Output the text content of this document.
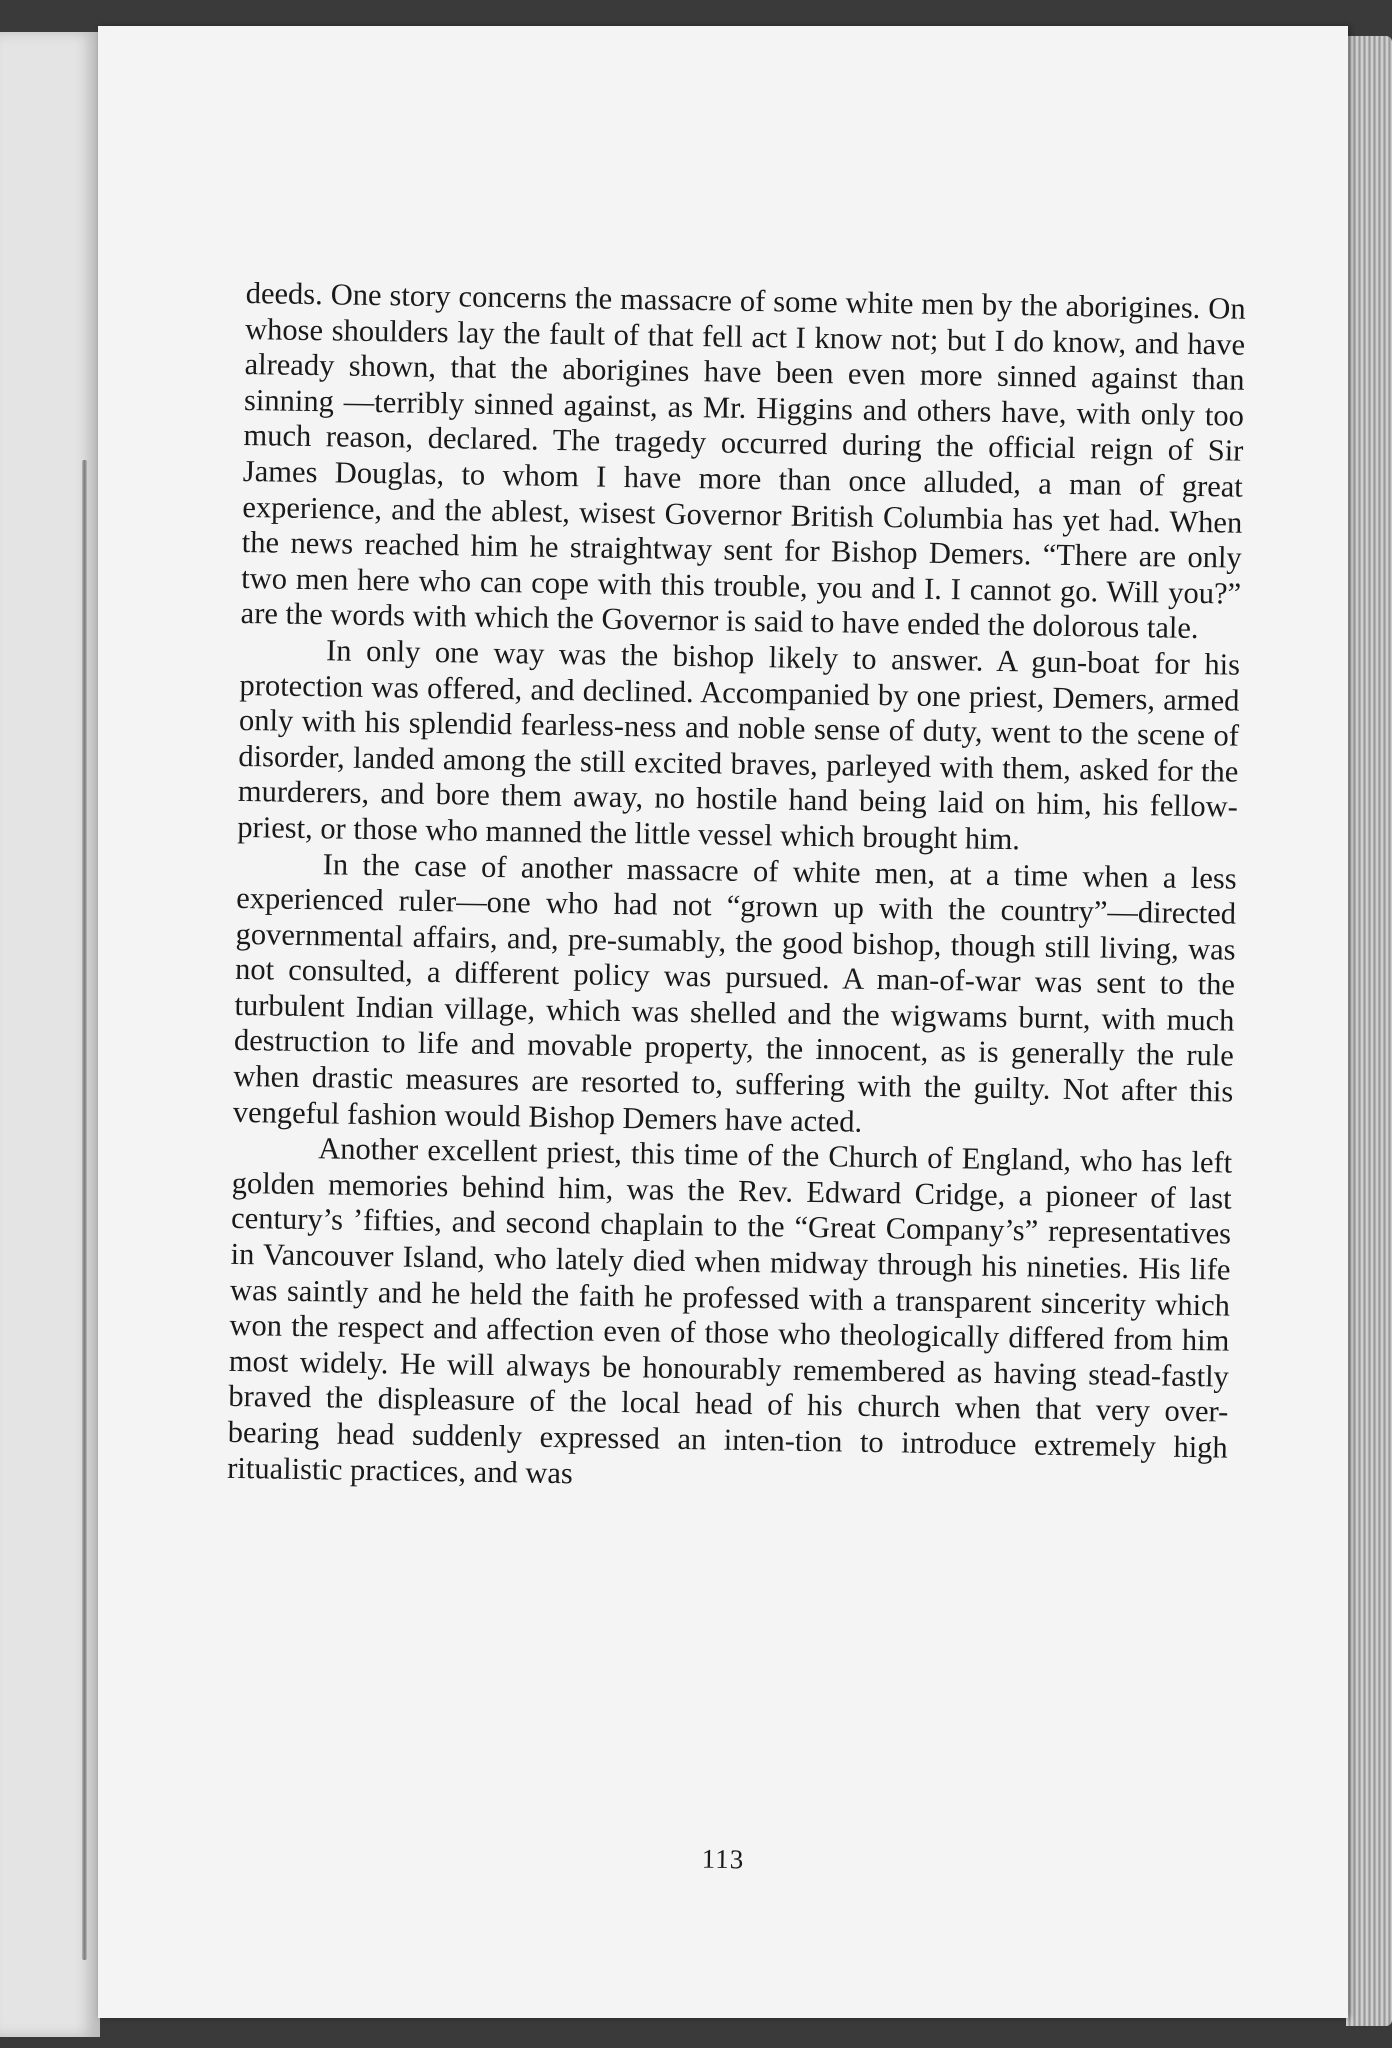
deeds. One story concerns the massacre of some white men by the aborigines. On whose shoulders lay the fault of that fell act I know not; but I do know, and have already shown, that the aborigines have been even more sinned against than sinning —terribly sinned against, as Mr. Higgins and others have, with only too much reason, declared. The tragedy occurred during the official reign of Sir James Douglas, to whom I have more than once alluded, a man of great experience, and the ablest, wisest Governor British Columbia has yet had. When the news reached him he straightway sent for Bishop Demers. “There are only two men here who can cope with this trouble, you and I. I cannot go. Will you?” are the words with which the Governor is said to have ended the dolorous tale.

In only one way was the bishop likely to answer. A gun-boat for his protection was offered, and declined. Accompanied by one priest, Demers, armed only with his splendid fearless-ness and noble sense of duty, went to the scene of disorder, landed among the still excited braves, parleyed with them, asked for the murderers, and bore them away, no hostile hand being laid on him, his fellow-priest, or those who manned the little vessel which brought him.

In the case of another massacre of white men, at a time when a less experienced ruler—one who had not “grown up with the country”—directed governmental affairs, and, pre-sumably, the good bishop, though still living, was not consulted, a different policy was pursued. A man-of-war was sent to the turbulent Indian village, which was shelled and the wigwams burnt, with much destruction to life and movable property, the innocent, as is generally the rule when drastic measures are resorted to, suffering with the guilty. Not after this vengeful fashion would Bishop Demers have acted.

Another excellent priest, this time of the Church of England, who has left golden memories behind him, was the Rev. Edward Cridge, a pioneer of last century’s ’fifties, and second chaplain to the “Great Company’s” representatives in Vancouver Island, who lately died when midway through his nineties. His life was saintly and he held the faith he professed with a transparent sincerity which won the respect and affection even of those who theologically differed from him most widely. He will always be honourably remembered as having stead-fastly braved the displeasure of the local head of his church when that very over-bearing head suddenly expressed an inten-tion to introduce extremely high ritualistic practices, and was

113
